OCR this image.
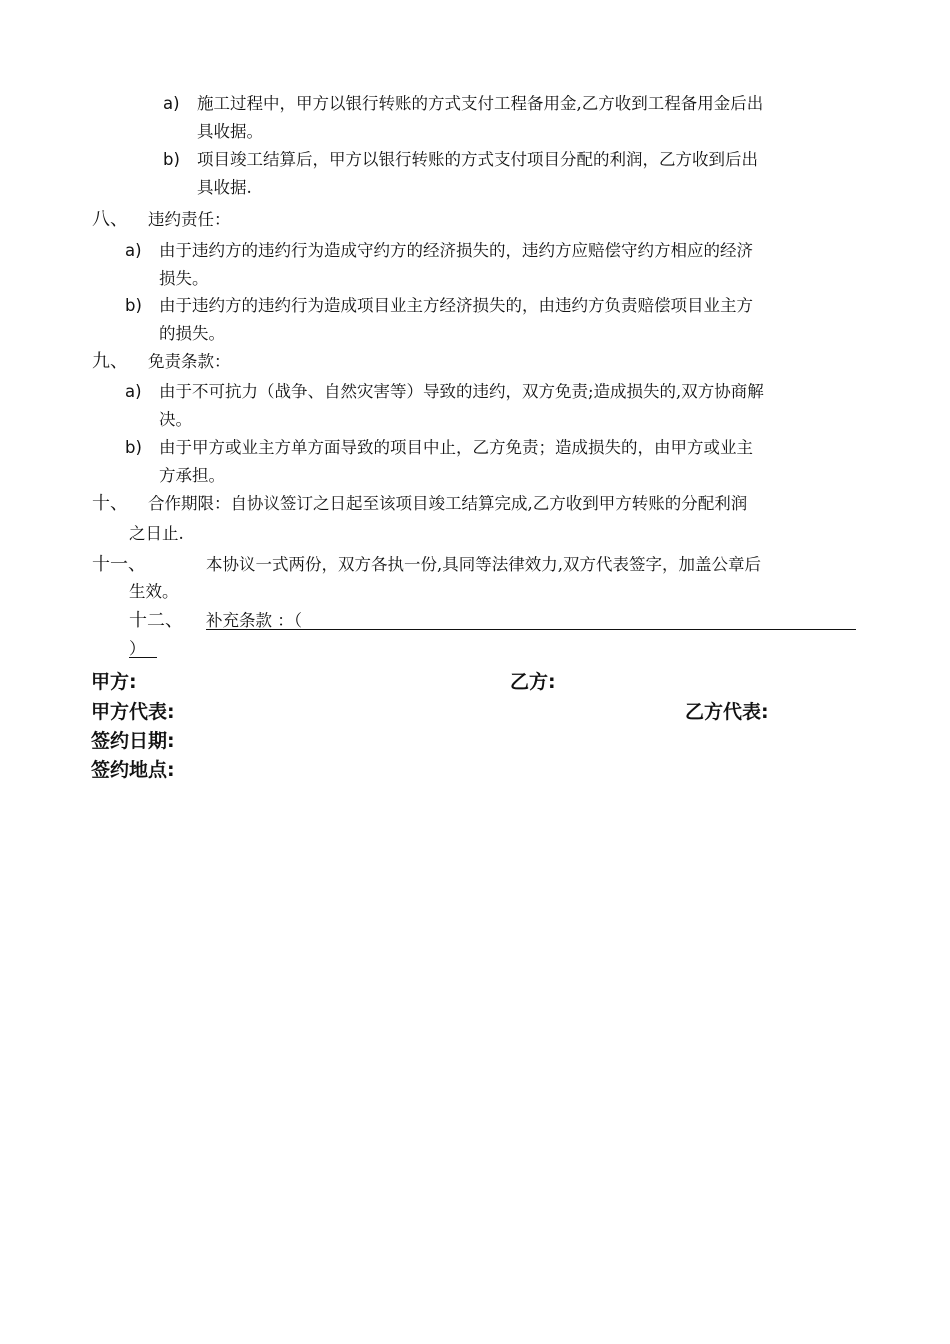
a) 施工过程中，甲方以银行转账的方式支付工程备用金,乙方收到工程备用金后出
具收据。
b) 项目竣工结算后，甲方以银行转账的方式支付项目分配的利润，乙方收到后出
具收据.
八、 违约责任：
a) 由于违约方的违约行为造成守约方的经济损失的，违约方应赔偿守约方相应的经济
损失。
b) 由于违约方的违约行为造成项目业主方经济损失的，由违约方负责赔偿项目业主方
的损失。
九、 免责条款：
a) 由于不可抗力（战争、自然灾害等）导致的违约，双方免责;造成损失的,双方协商解
决。
b) 由于甲方或业主方单方面导致的项目中止，乙方免责；造成损失的，由甲方或业主
方承担。
十、 合作期限：自协议签订之日起至该项目竣工结算完成,乙方收到甲方转账的分配利润
之日止.
十一、	本协议一式两份，双方各执一份,具同等法律效力,双方代表签字，加盖公章后
生效。
十二、 补充条款 ：（
）
甲方:	乙方:
甲方代表:	乙方代表:
签约日期:
签约地点:
